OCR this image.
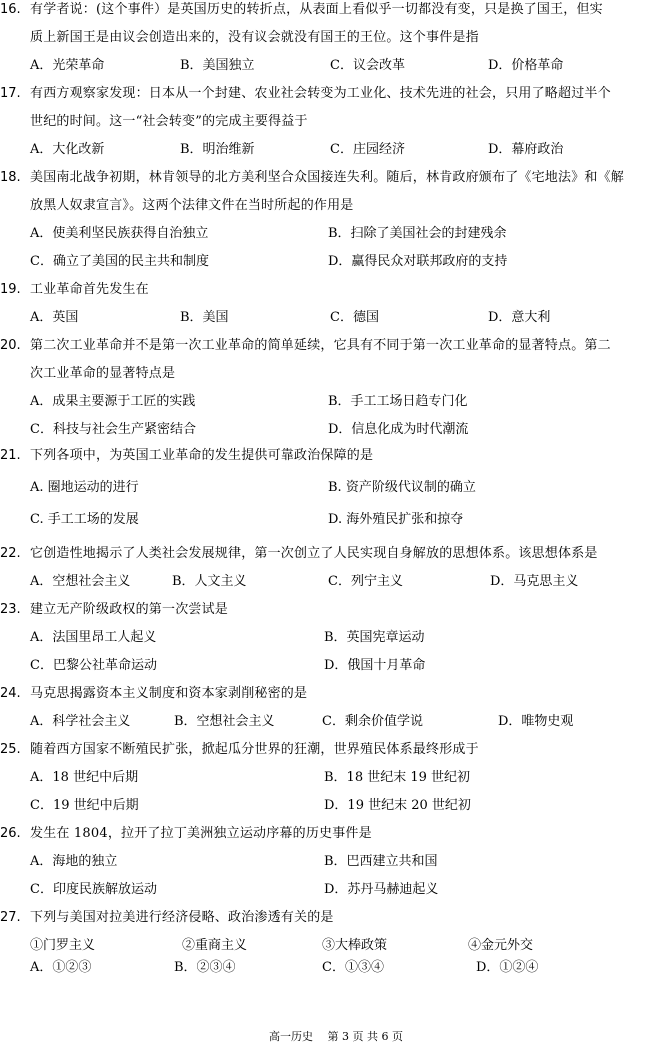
16. 有学者说：(这个事件）是英国历史的转折点，从表面上看似乎一切都没有变，只是换了国王，但实
质上新国王是由议会创造出来的，没有议会就没有国王的王位。这个事件是指
A．光荣革命	B．美国独立	C．议会改革	D．价格革命
17. 有西方观察家发现：日本从一个封建、农业社会转变为工业化、技术先进的社会，只用了略超过半个
世纪的时间。这一“社会转变”的完成主要得益于
A．大化改新	B．明治维新	C．庄园经济	D．幕府政治
18. 美国南北战争初期，林肯领导的北方美利坚合众国接连失利。随后，林肯政府颁布了《宅地法》和《解
放黑人奴隶宣言》。这两个法律文件在当时所起的作用是
A．使美利坚民族获得自治独立	B．扫除了美国社会的封建残余
C．确立了美国的民主共和制度	D．赢得民众对联邦政府的支持
19. 工业革命首先发生在
A．英国	B．美国	C．德国	D．意大利
20. 第二次工业革命并不是第一次工业革命的简单延续，它具有不同于第一次工业革命的显著特点。第二
次工业革命的显著特点是
A．成果主要源于工匠的实践	B．手工工场日趋专门化
C．科技与社会生产紧密结合	D．信息化成为时代潮流
21. 下列各项中，为英国工业革命的发生提供可靠政治保障的是
A. 圈地运动的进行	B. 资产阶级代议制的确立
C. 手工工场的发展	D. 海外殖民扩张和掠夺
22. 它创造性地揭示了人类社会发展规律，第一次创立了人民实现自身解放的思想体系。该思想体系是
A．空想社会主义	B．人文主义	C．列宁主义	D．马克思主义
23. 建立无产阶级政权的第一次尝试是
A．法国里昂工人起义	B．英国宪章运动
C．巴黎公社革命运动	D．俄国十月革命
24. 马克思揭露资本主义制度和资本家剥削秘密的是
A．科学社会主义	B．空想社会主义	C．剩余价值学说	D．唯物史观
25. 随着西方国家不断殖民扩张，掀起瓜分世界的狂潮，世界殖民体系最终形成于
A．18 世纪中后期	B．18 世纪末 19 世纪初
C．19 世纪中后期	D．19 世纪末 20 世纪初
26. 发生在 1804，拉开了拉丁美洲独立运动序幕的历史事件是
A．海地的独立	B．巴西建立共和国
C．印度民族解放运动	D．苏丹马赫迪起义
27. 下列与美国对拉美进行经济侵略、政治渗透有关的是
①门罗主义	②重商主义	③大棒政策	④金元外交
A．①②③	B．②③④	C．①③④	D．①②④
高一历史　 第 3 页 共 6 页
